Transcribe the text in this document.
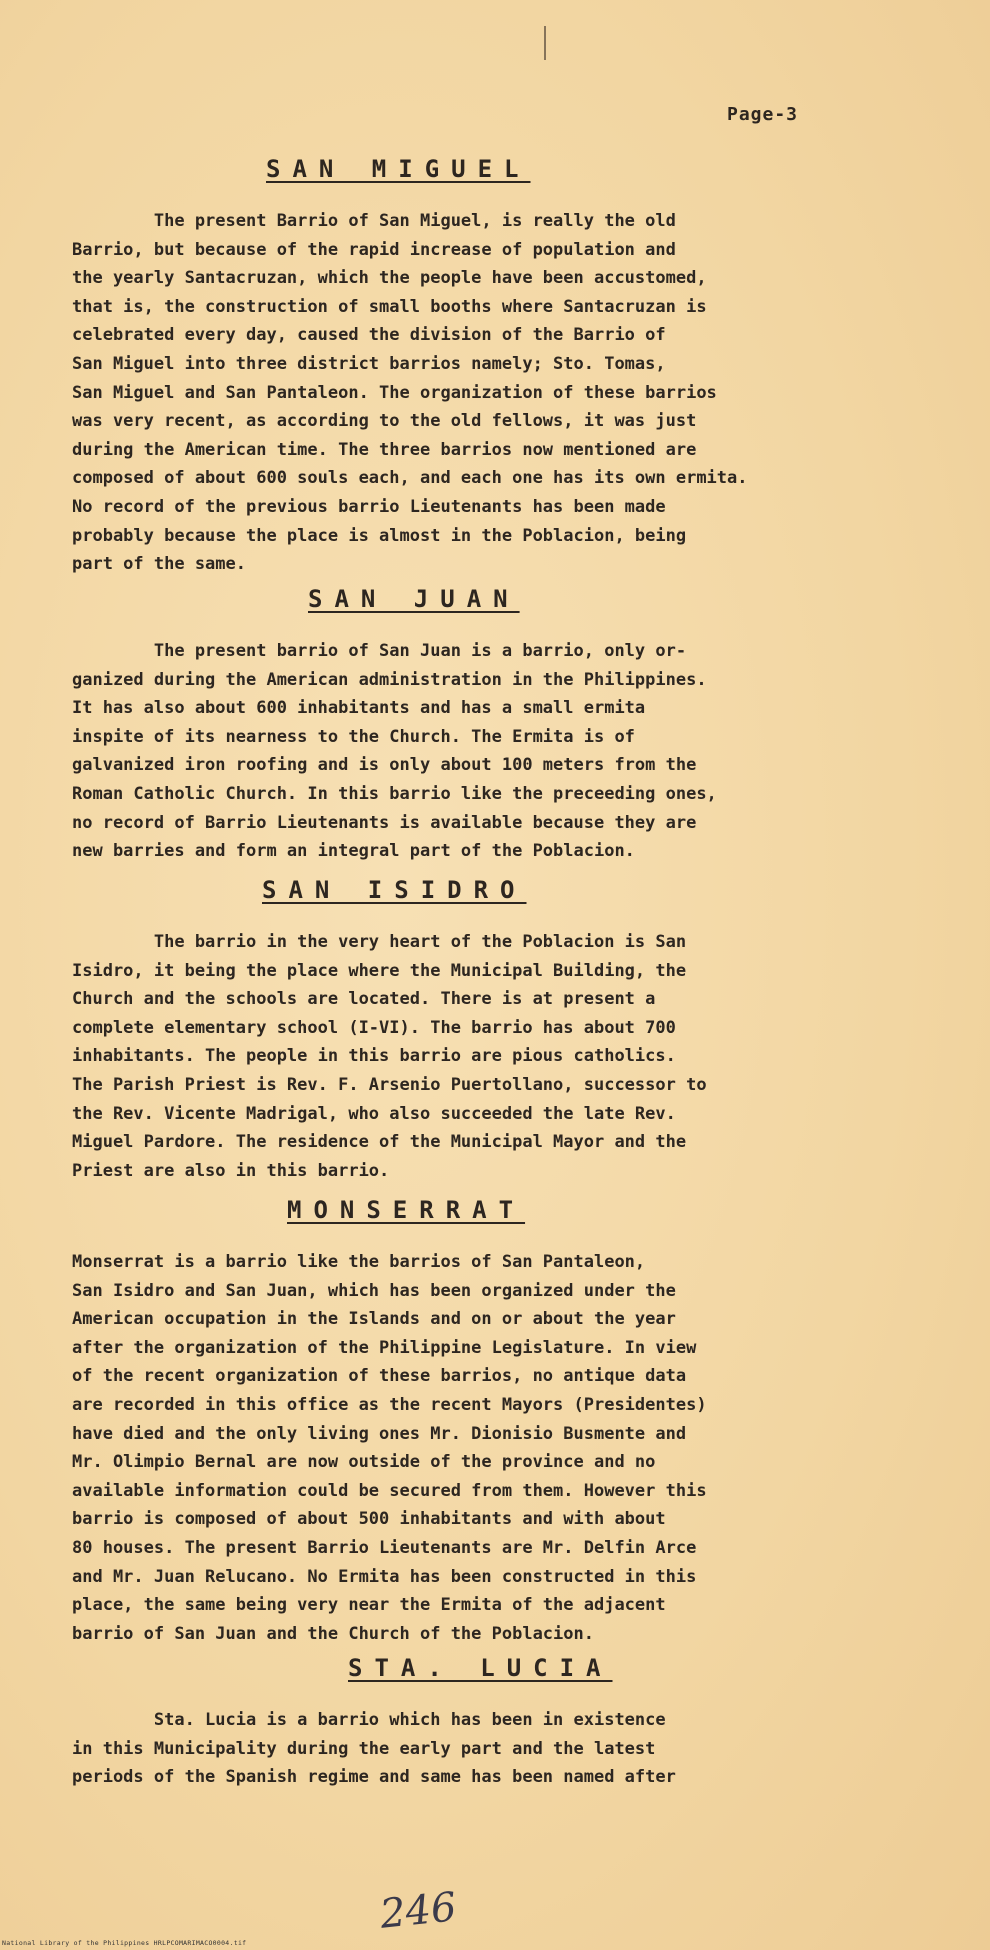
Page-3
SAN MIGUEL
The present Barrio of San Miguel, is really the old
Barrio, but because of the rapid increase of population and
the yearly Santacruzan, which the people have been accustomed,
that is, the construction of small booths where Santacruzan is
celebrated every day, caused the division of the Barrio of
San Miguel into three district barrios namely; Sto. Tomas,
San Miguel and San Pantaleon. The organization of these barrios
was very recent, as according to the old fellows, it was just
during the American time. The three barrios now mentioned are
composed of about 600 souls each, and each one has its own ermita.
No record of the previous barrio Lieutenants has been made
probably because the place is almost in the Poblacion, being
part of the same.
SAN JUAN
The present barrio of San Juan is a barrio, only or-
ganized during the American administration in the Philippines.
It has also about 600 inhabitants and has a small ermita
inspite of its nearness to the Church. The Ermita is of
galvanized iron roofing and is only about 100 meters from the
Roman Catholic Church. In this barrio like the preceeding ones,
no record of Barrio Lieutenants is available because they are
new barries and form an integral part of the Poblacion.
SAN ISIDRO
The barrio in the very heart of the Poblacion is San
Isidro, it being the place where the Municipal Building, the
Church and the schools are located. There is at present a
complete elementary school (I-VI). The barrio has about 700
inhabitants. The people in this barrio are pious catholics.
The Parish Priest is Rev. F. Arsenio Puertollano, successor to
the Rev. Vicente Madrigal, who also succeeded the late Rev.
Miguel Pardore. The residence of the Municipal Mayor and the
Priest are also in this barrio.
MONSERRAT
Monserrat is a barrio like the barrios of San Pantaleon,
San Isidro and San Juan, which has been organized under the
American occupation in the Islands and on or about the year
after the organization of the Philippine Legislature. In view
of the recent organization of these barrios, no antique data
are recorded in this office as the recent Mayors (Presidentes)
have died and the only living ones Mr. Dionisio Busmente and
Mr. Olimpio Bernal are now outside of the province and no
available information could be secured from them. However this
barrio is composed of about 500 inhabitants and with about
80 houses. The present Barrio Lieutenants are Mr. Delfin Arce
and Mr. Juan Relucano. No Ermita has been constructed in this
place, the same being very near the Ermita of the adjacent
barrio of San Juan and the Church of the Poblacion.
STA. LUCIA
Sta. Lucia is a barrio which has been in existence
in this Municipality during the early part and the latest
periods of the Spanish regime and same has been named after
246
National Library of the Philippines HRLPCOMARIMACO0004.tif
